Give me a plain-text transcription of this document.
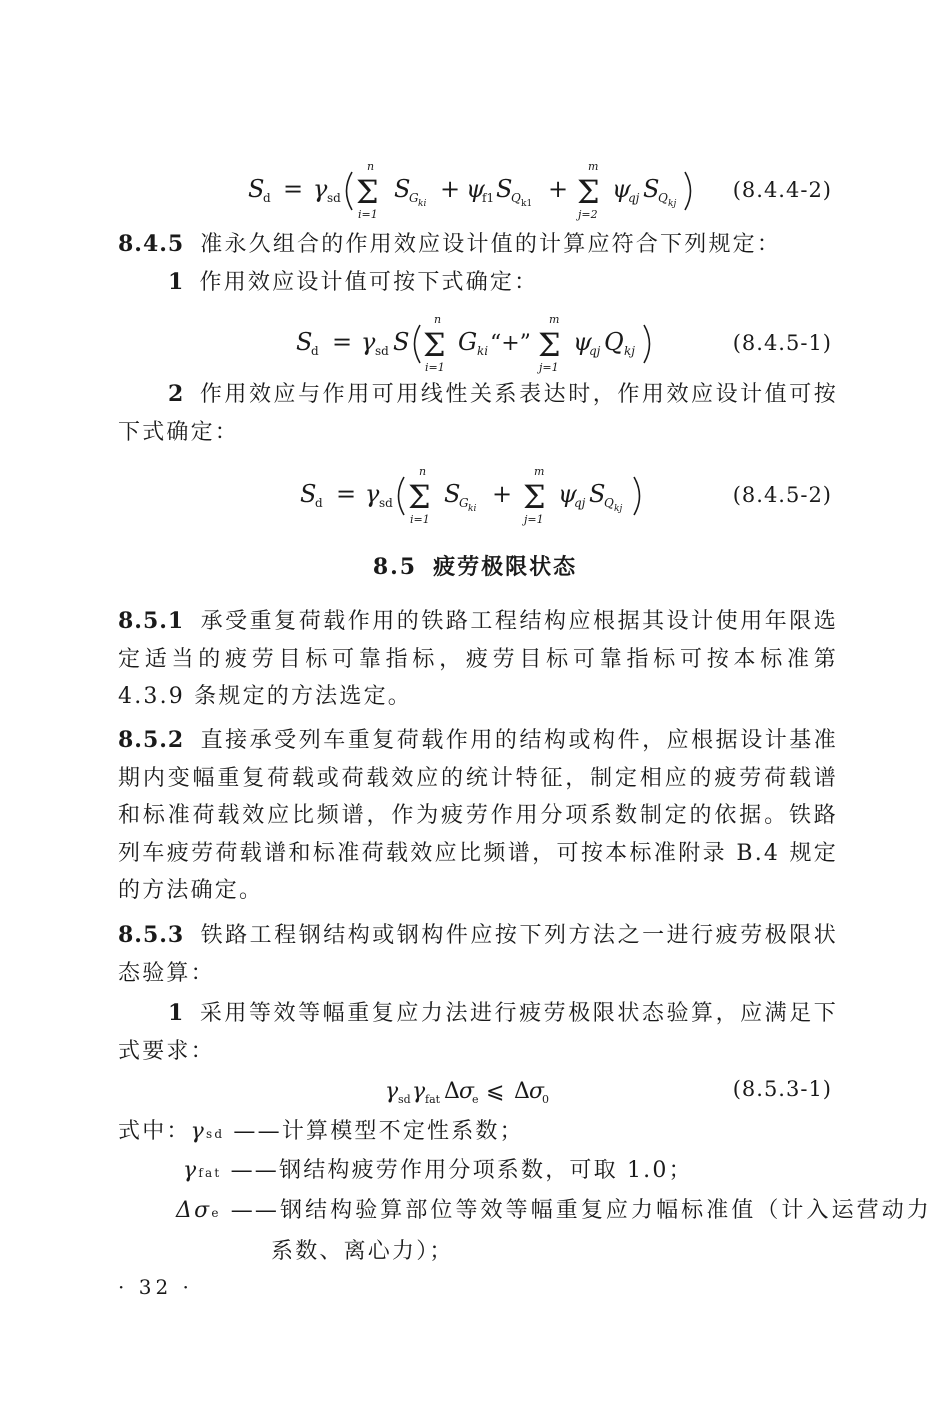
S
d = γ sd
n
Σ
i=1
S
G ki
+ ψ
f1 S
Q k1
+
m
Σ
j=2
ψ
qj S
Q kj
(8.4.4-2)
8.4.5 准永久组合的作用效应设计值的计算应符合下列规定：
1 作用效应设计值可按下式确定：
S
d = γ sd S
n
Σ
i=1
G ki “+”
m
Σ
j=1
ψ
qj Q kj	(8.4.5-1)
2 作用效应与作用可用线性关系表达时，作用效应设计值可按下式确定：
S
d = γ sd
n
Σ
i=1
S
G ki
+
m
Σ
j=1
ψ
qj S
Q kj
(8.4.5-2)
8.5 疲劳极限状态
8.5.1 承受重复荷载作用的铁路工程结构应根据其设计使用年限选定适当的疲劳目标可靠指标，疲劳目标可靠指标可按本标准第 4.3.9 条规定的方法选定。
8.5.2 直接承受列车重复荷载作用的结构或构件，应根据设计基准期内变幅重复荷载或荷载效应的统计特征，制定相应的疲劳荷载谱和标准荷载效应比频谱，作为疲劳作用分项系数制定的依据。铁路列车疲劳荷载谱和标准荷载效应比频谱，可按本标准附录 B.4 规定的方法确定。
8.5.3 铁路工程钢结构或钢构件应按下列方法之一进行疲劳极限状态验算：
1 采用等效等幅重复应力法进行疲劳极限状态验算，应满足下式要求：
γ sd γ fat Δ σ
e ⩽ Δ σ
0	(8.5.3-1)
式中：γsd ——计算模型不定性系数；
γfat ——钢结构疲劳作用分项系数，可取 1.0；
Δσe ——钢结构验算部位等效等幅重复应力幅标准值（计入运营动力系数、离心力）；
· 32 ·
